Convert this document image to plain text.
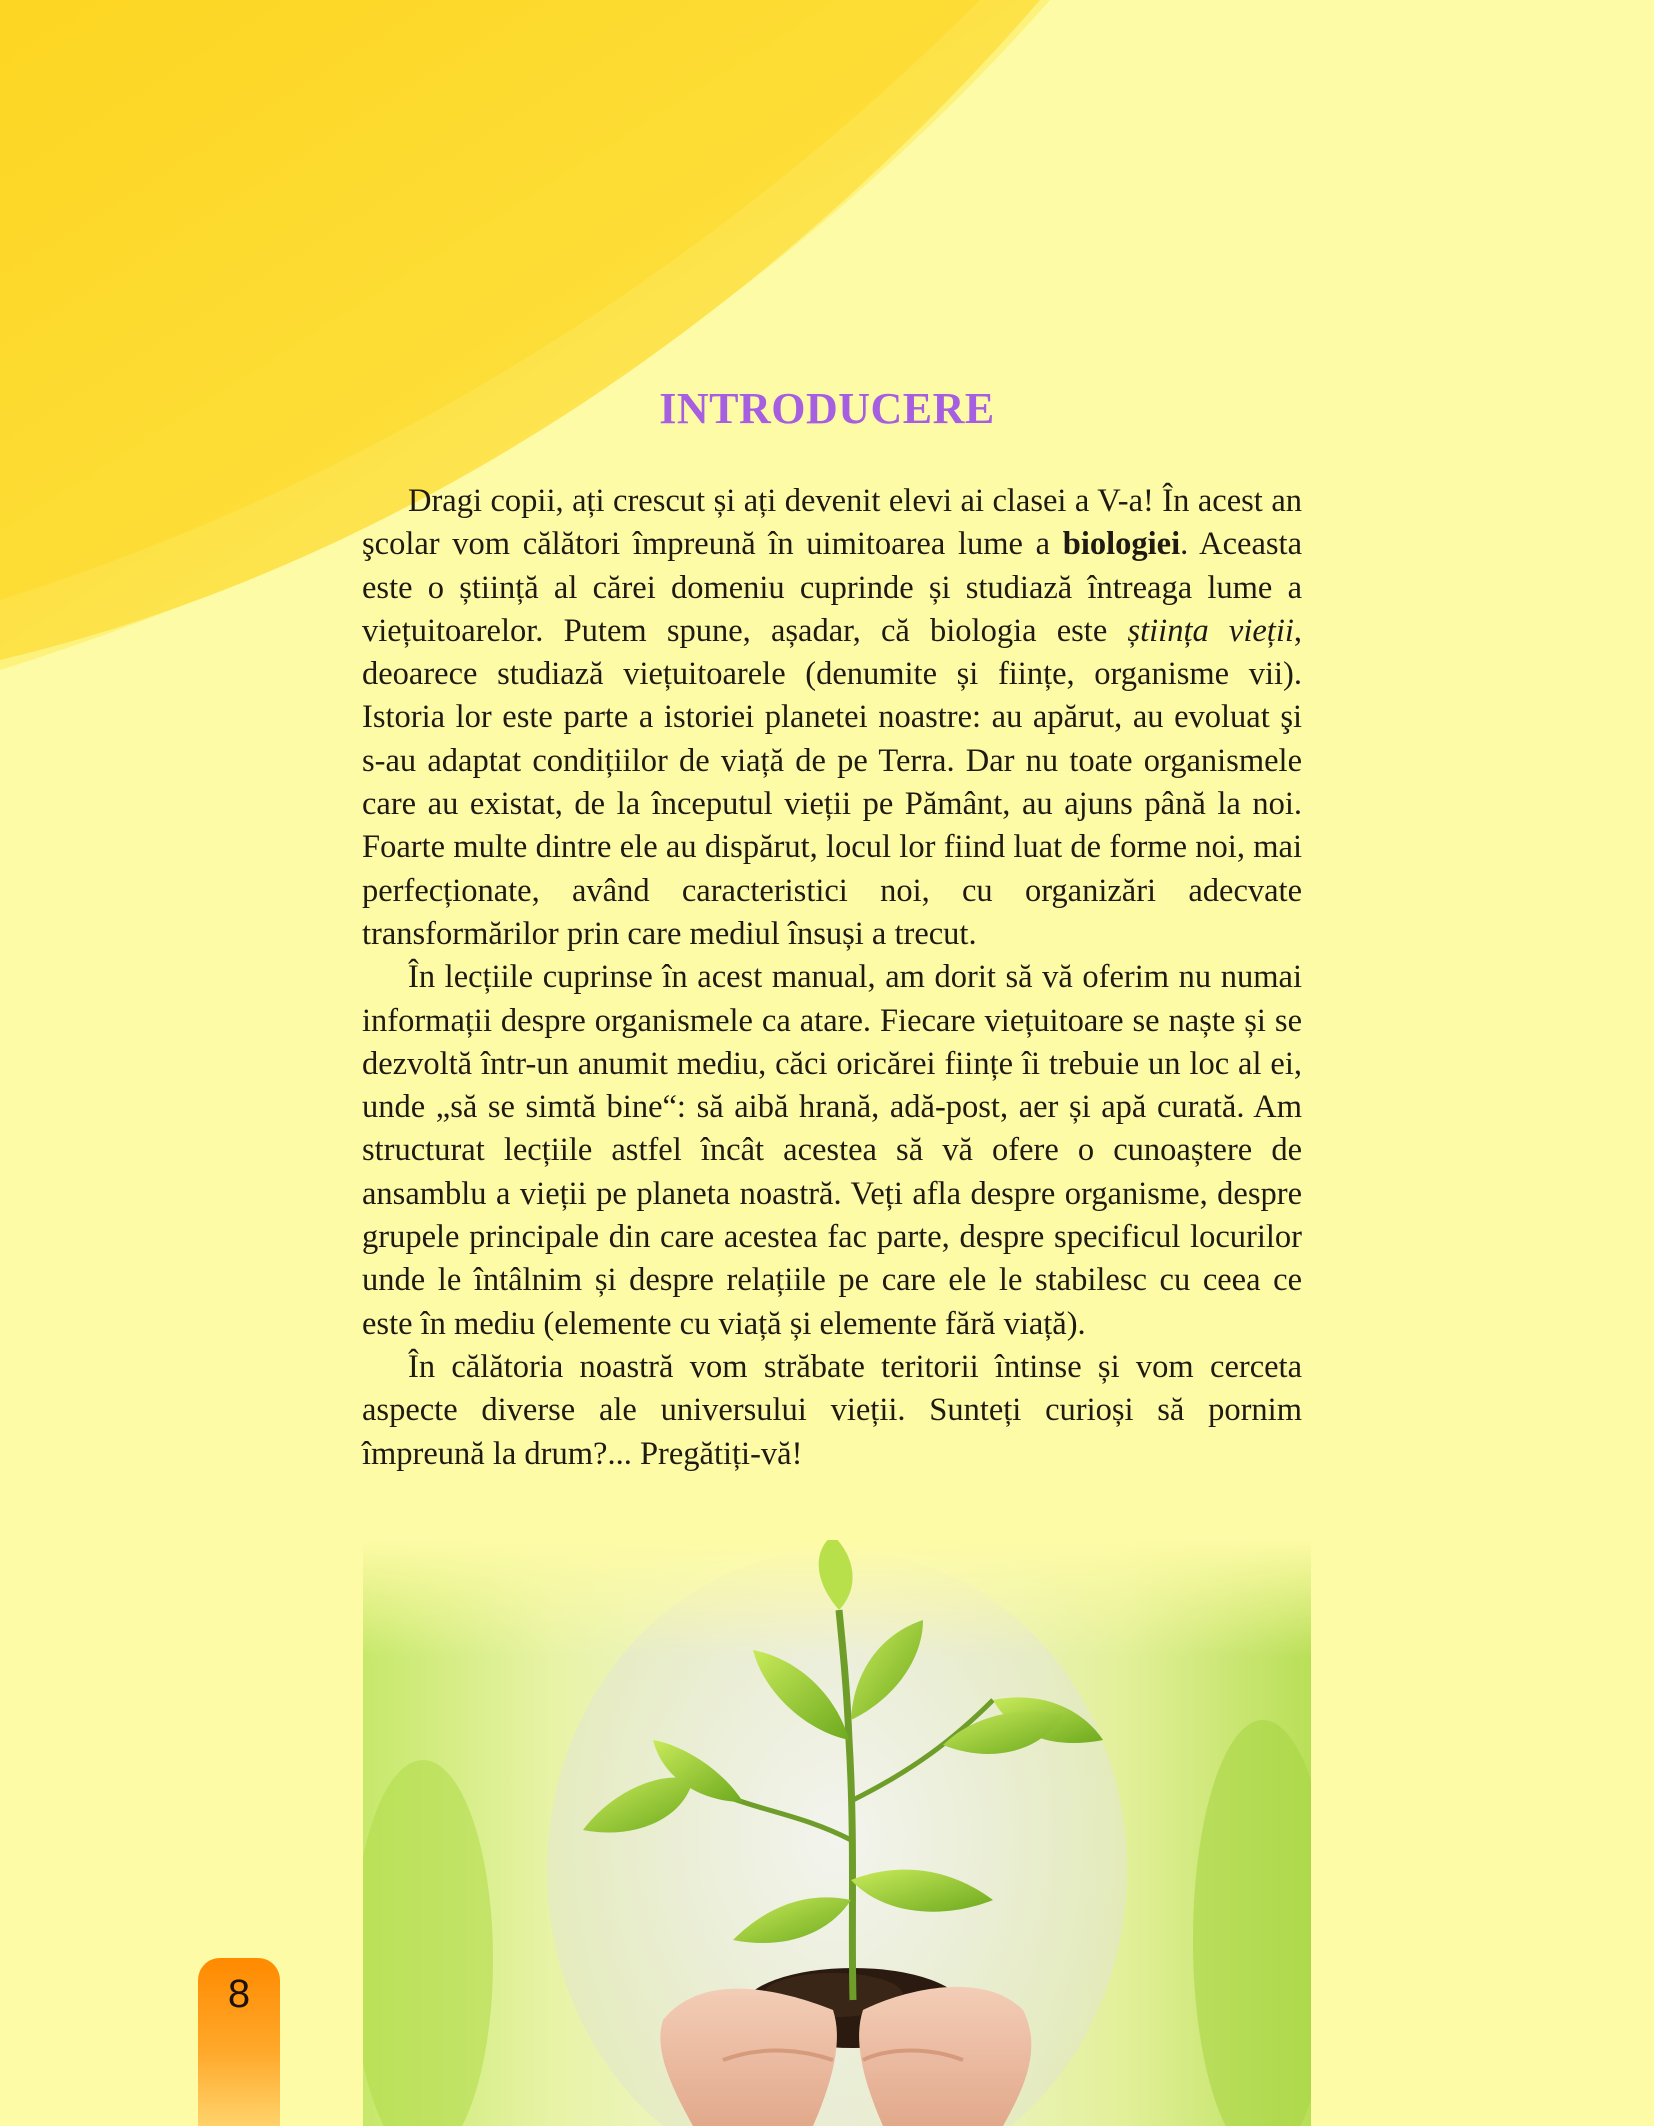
INTRODUCERE

Dragi copii, ați crescut și ați devenit elevi ai clasei a V-a! În acest an şcolar vom călători împreună în uimitoarea lume a biologiei. Aceasta este o știință al cărei domeniu cuprinde și studiază întreaga lume a viețuitoarelor. Putem spune, așadar, că biologia este știința vieții, deoarece studiază viețuitoarele (denumite și ființe, organisme vii). Istoria lor este parte a istoriei planetei noastre: au apărut, au evoluat şi s-au adaptat condițiilor de viață de pe Terra. Dar nu toate organismele care au existat, de la începutul vieții pe Pământ, au ajuns până la noi. Foarte multe dintre ele au dispărut, locul lor fiind luat de forme noi, mai perfecționate, având caracteristici noi, cu organizări adecvate transformărilor prin care mediul însuși a trecut.

În lecțiile cuprinse în acest manual, am dorit să vă oferim nu numai informații despre organismele ca atare. Fiecare viețuitoare se naște și se dezvoltă într-un anumit mediu, căci oricărei ființe îi trebuie un loc al ei, unde „să se simtă bine“: să aibă hrană, adă-post, aer și apă curată. Am structurat lecțiile astfel încât acestea să vă ofere o cunoaștere de ansamblu a vieții pe planeta noastră. Veți afla despre organisme, despre grupele principale din care acestea fac parte, despre specificul locurilor unde le întâlnim și despre relațiile pe care ele le stabilesc cu ceea ce este în mediu (elemente cu viață și elemente fără viață).

În călătoria noastră vom străbate teritorii întinse și vom cerceta aspecte diverse ale universului vieții. Sunteți curioși să pornim împreună la drum?... Pregătiți-vă!

8
